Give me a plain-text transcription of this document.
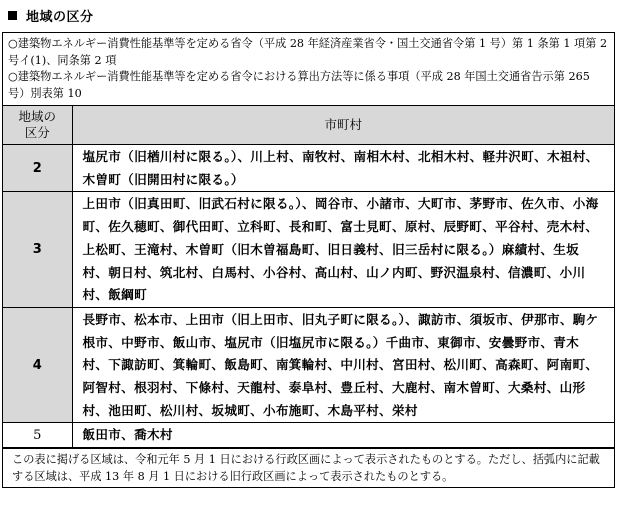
地域の区分
○建築物エネルギー消費性能基準等を定める省令（平成 28 年経済産業省令・国土交通省令第 1 号）第 1 条第 1 項第 2 号イ(1)、同条第 2 項
○建築物エネルギー消費性能基準等を定める省令における算出方法等に係る事項（平成 28 年国土交通省告示第 265 号）別表第 10
地域の区分	市町村
2	塩尻市（旧楢川村に限る。）、川上村、南牧村、南相木村、北相木村、軽井沢町、木祖村、木曽町（旧開田村に限る。）
3	上田市（旧真田町、旧武石村に限る。）、岡谷市、小諸市、大町市、茅野市、佐久市、小海町、佐久穂町、御代田町、立科町、長和町、富士見町、原村、辰野町、平谷村、売木村、上松町、王滝村、木曽町（旧木曽福島町、旧日義村、旧三岳村に限る。）麻績村、生坂村、朝日村、筑北村、白馬村、小谷村、高山村、山ノ内町、野沢温泉村、信濃町、小川村、飯綱町
4	長野市、松本市、上田市（旧上田市、旧丸子町に限る。）、諏訪市、須坂市、伊那市、駒ケ根市、中野市、飯山市、塩尻市（旧塩尻市に限る。）千曲市、東御市、安曇野市、青木村、下諏訪町、箕輪町、飯島町、南箕輪村、中川村、宮田村、松川町、高森町、阿南町、阿智村、根羽村、下條村、天龍村、泰阜村、豊丘村、大鹿村、南木曽町、大桑村、山形村、池田町、松川村、坂城町、小布施町、木島平村、栄村
5	飯田市、喬木村
この表に掲げる区域は、令和元年 5 月 1 日における行政区画によって表示されたものとする。ただし、括弧内に記載する区域は、平成 13 年 8 月 1 日における旧行政区画によって表示されたものとする。
